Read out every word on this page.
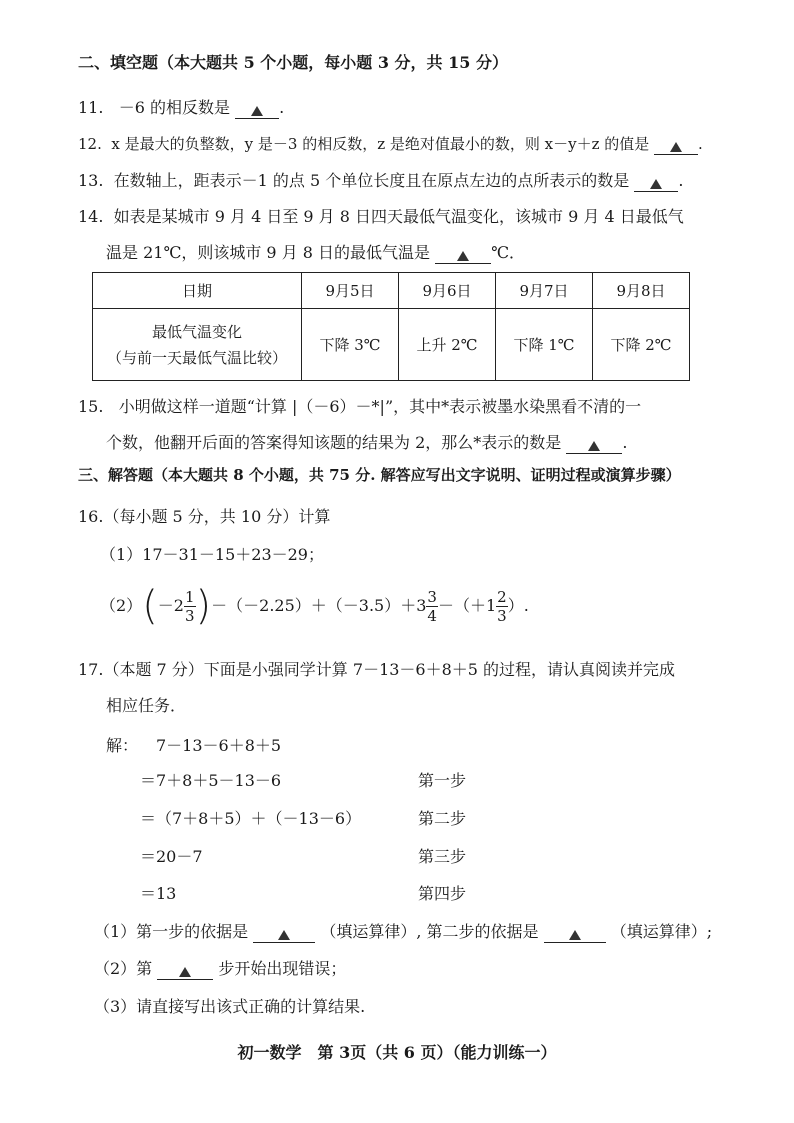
二、填空题（本大题共 5 个小题，每小题 3 分，共 15 分）
11. －6 的相反数是	.
12. x 是最大的负整数，y 是－3 的相反数，z 是绝对值最小的数，则 x－y＋z 的值是	.
13. 在数轴上，距表示－1 的点 5 个单位长度且在原点左边的点所表示的数是	.
14. 如表是某城市 9 月 4 日至 9 月 8 日四天最低气温变化，该城市 9 月 4 日最低气
温是 21℃，则该城市 9 月 8 日的最低气温是	℃．
日期	9月5日	9月6日	9月7日	9月8日

最低气温变化
（与前一天最低气温比较）	下降 3℃	上升 2℃	下降 1℃	下降 2℃
15. 小明做这样一道题“计算 |（－6）－*|”，其中*表示被墨水染黑看不清的一
个数，他翻开后面的答案得知该题的结果为 2，那么*表示的数是	.
三、解答题（本大题共 8 个小题，共 75 分. 解答应写出文字说明、证明过程或演算步骤）
16.（每小题 5 分，共 10 分）计算
（1）17－31－15＋23－29；
（2） ( $-2 \frac{1}{3}$ ) $-(-2.25)+(-3.5)+3 \frac{3}{4} -(+1 \frac{2}{3}$ ）.
17.（本题 7 分）下面是小强同学计算 7－13－6＋8＋5 的过程，请认真阅读并完成
相应任务．
解： 7－13－6＋8＋5
＝7＋8＋5－13－6	第一步
＝（7＋8＋5）＋（－13－6）	第二步
＝20－7	第三步
＝13	第四步
（1）第一步的依据是	（填运算律）, 第二步的依据是	（填运算律）;
（2）第	步开始出现错误；
（3）请直接写出该式正确的计算结果.
初一数学　第 3页（共 6 页）（能力训练一）
